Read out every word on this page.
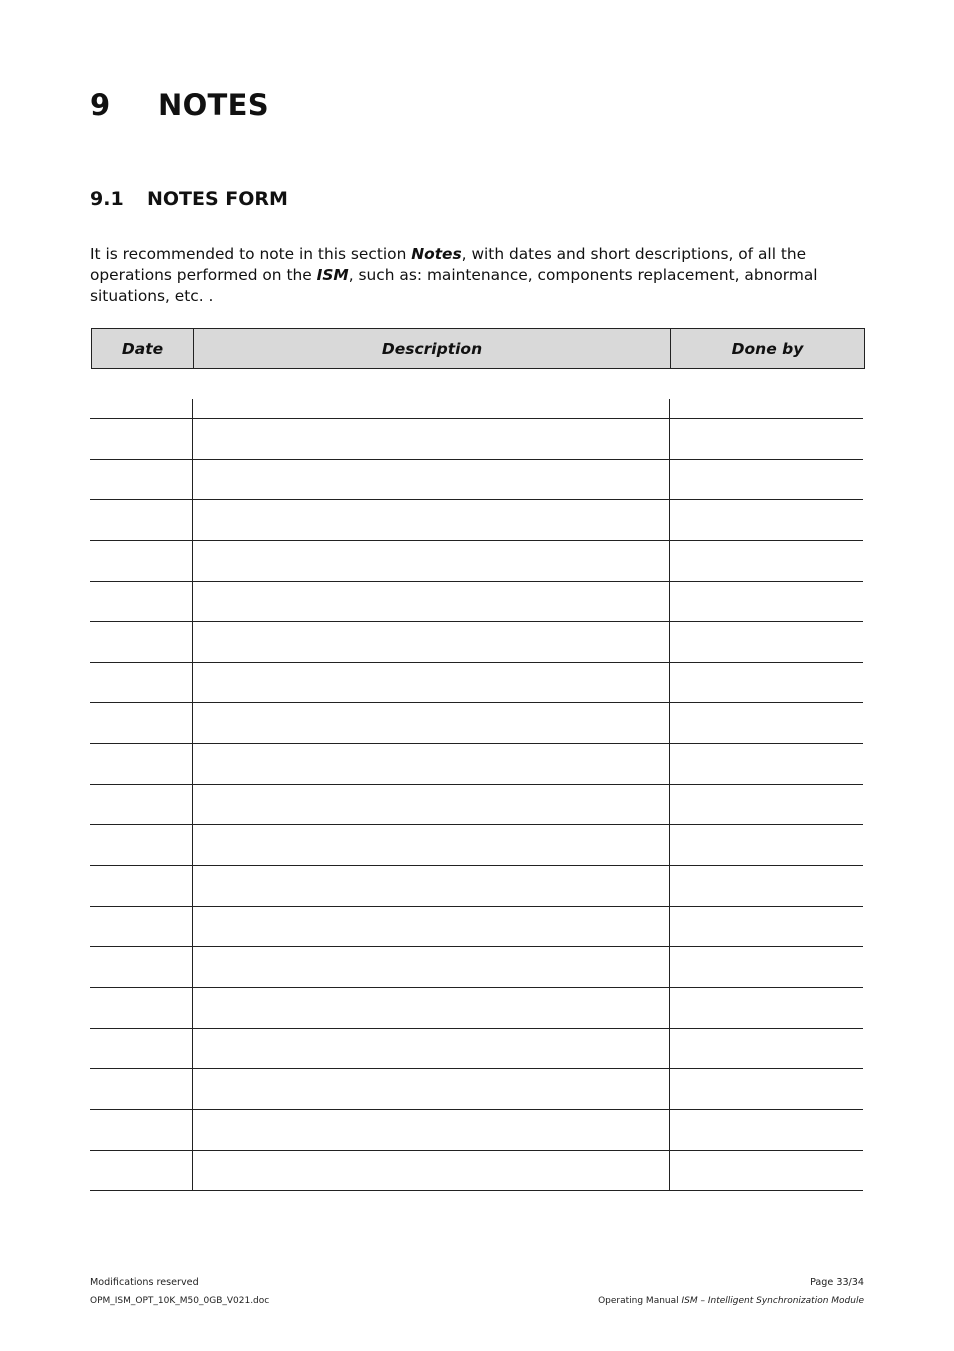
9 NOTES
9.1 NOTES FORM

It is recommended to note in this section Notes, with dates and short descriptions, of all the operations performed on the ISM, such as: maintenance, components replacement, abnormal situations, etc. .

Date	Description	Done by
Modifications reserved
OPM_ISM_OPT_10K_M50_0GB_V021.doc
Page 33/34
Operating Manual ISM – Intelligent Synchronization Module
